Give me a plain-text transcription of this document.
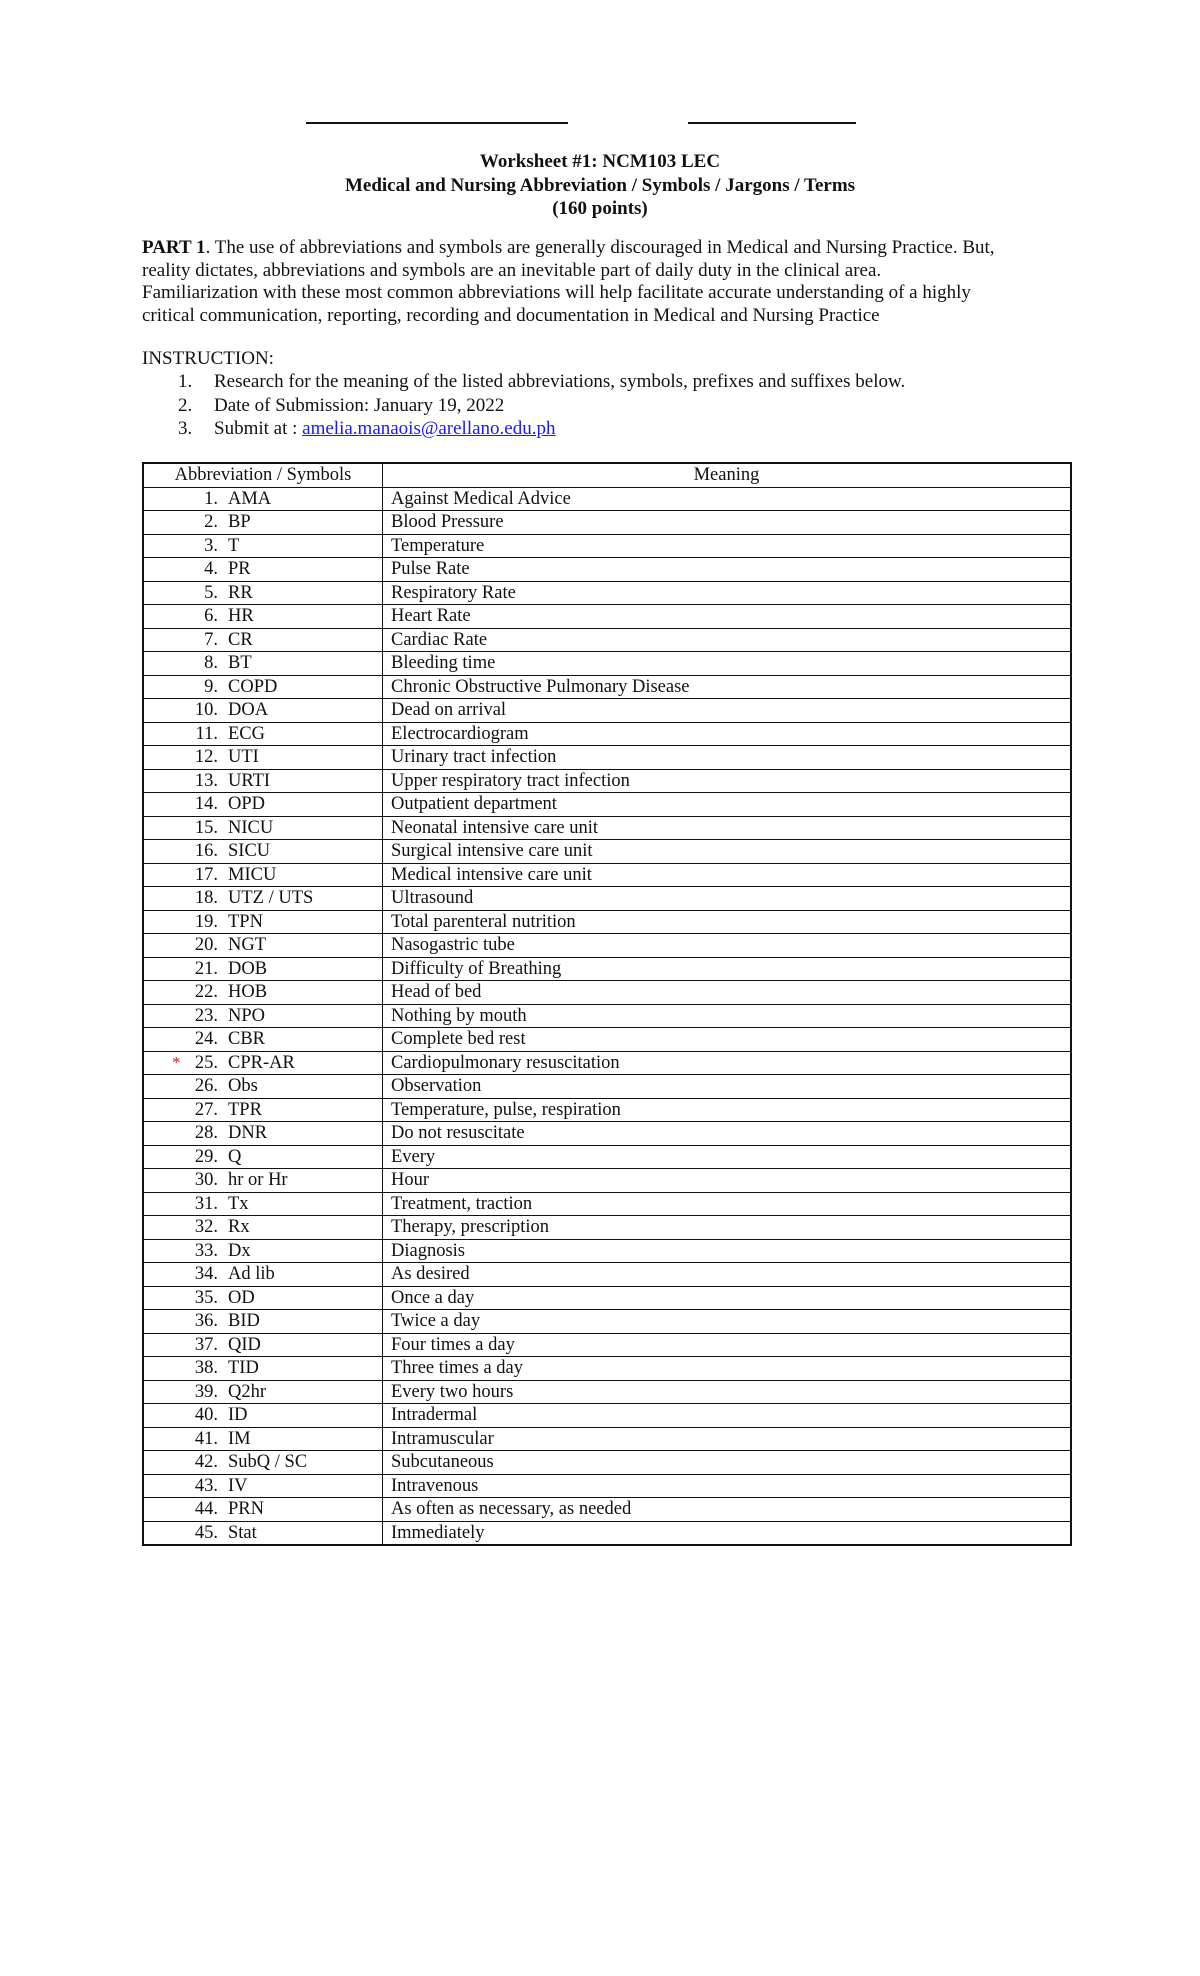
Worksheet #1: NCM103 LEC
Medical and Nursing Abbreviation / Symbols / Jargons / Terms
(160 points)
PART 1. The use of abbreviations and symbols are generally discouraged in Medical and Nursing Practice. But,
reality dictates, abbreviations and symbols are an inevitable part of daily duty in the clinical area.
Familiarization with these most common abbreviations will help facilitate accurate understanding of a highly
critical communication, reporting, recording and documentation in Medical and Nursing Practice
INSTRUCTION:
1. Research for the meaning of the listed abbreviations, symbols, prefixes and suffixes below.
2. Date of Submission: January 19, 2022
3. Submit at : amelia.manaois@arellano.edu.ph
Abbreviation / Symbols	Meaning
1. AMA	Against Medical Advice
2. BP	Blood Pressure
3. T	Temperature
4. PR	Pulse Rate
5. RR	Respiratory Rate
6. HR	Heart Rate
7. CR	Cardiac Rate
8. BT	Bleeding time
9. COPD	Chronic Obstructive Pulmonary Disease
10. DOA	Dead on arrival
11. ECG	Electrocardiogram
12. UTI	Urinary tract infection
13. URTI	Upper respiratory tract infection
14. OPD	Outpatient department
15. NICU	Neonatal intensive care unit
16. SICU	Surgical intensive care unit
17. MICU	Medical intensive care unit
18. UTZ / UTS	Ultrasound
19. TPN	Total parenteral nutrition
20. NGT	Nasogastric tube
21. DOB	Difficulty of Breathing
22. HOB	Head of bed
23. NPO	Nothing by mouth
24. CBR	Complete bed rest

* 25. CPR-AR	Cardiopulmonary resuscitation
26. Obs	Observation
27. TPR	Temperature, pulse, respiration
28. DNR	Do not resuscitate
29. Q	Every
30. hr or Hr	Hour
31. Tx	Treatment, traction
32. Rx	Therapy, prescription
33. Dx	Diagnosis
34. Ad lib	As desired
35. OD	Once a day
36. BID	Twice a day
37. QID	Four times a day
38. TID	Three times a day
39. Q2hr	Every two hours
40. ID	Intradermal
41. IM	Intramuscular
42. SubQ / SC	Subcutaneous
43. IV	Intravenous
44. PRN	As often as necessary, as needed
45. Stat	Immediately
